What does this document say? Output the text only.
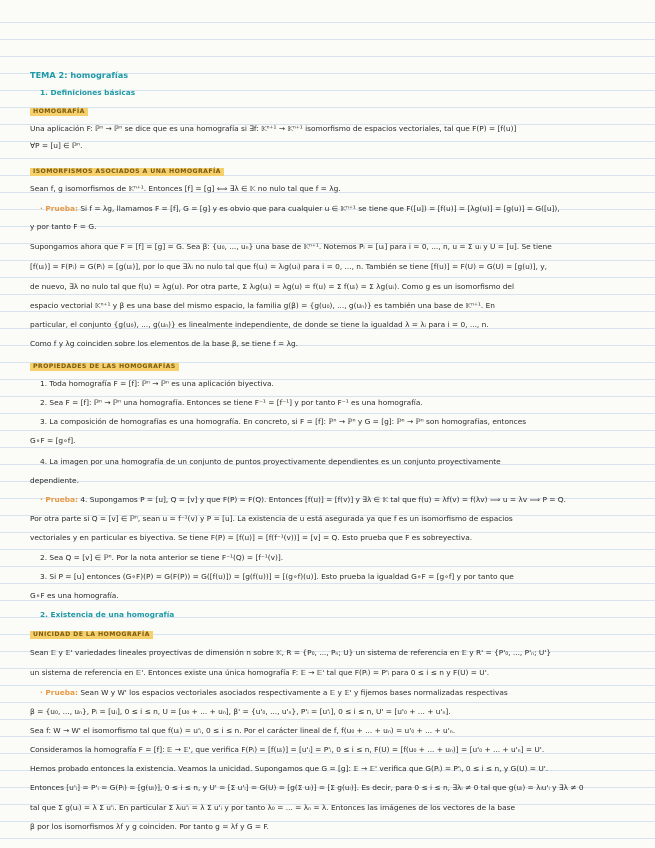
TEMA 2: homografías
1. Definiciones básicas
HOMOGRAFÍA
Una aplicación F: ℙⁿ → ℙⁿ se dice que es una homografía si ∃f: 𝕂ⁿ⁺¹ → 𝕂ⁿ⁺¹ isomorfismo de espacios vectoriales, tal que F(P) = [f(u)]
∀P = [u] ∈ ℙⁿ.
ISOMORFISMOS ASOCIADOS A UNA HOMOGRAFÍA
Sean f, g isomorfismos de 𝕂ⁿ⁺¹. Entonces [f] = [g] ⟺ ∃λ ∈ 𝕂 no nulo tal que f = λg.
· Prueba: Si f = λg, llamamos F = [f], G = [g] y es obvio que para cualquier u ∈ 𝕂ⁿ⁺¹ se tiene que F([u]) = [f(u)] = [λg(u)] = [g(u)] = G([u]),
y por tanto F = G.
Supongamos ahora que F = [f] = [g] = G. Sea β: {u₀, ..., uₙ} una base de 𝕂ⁿ⁺¹. Notemos Pᵢ = [uᵢ] para i = 0, ..., n, u = Σ uᵢ y U = [u]. Se tiene
[f(uᵢ)] = F(Pᵢ) = G(Pᵢ) = [g(uᵢ)], por lo que ∃λᵢ no nulo tal que f(uᵢ) = λᵢg(uᵢ) para i = 0, ..., n. También se tiene [f(u)] = F(U) = G(U) = [g(u)], y,
de nuevo, ∃λ no nulo tal que f(u) = λg(u). Por otra parte, Σ λᵢg(uᵢ) = λg(u) = f(u) = Σ f(uᵢ) = Σ λg(uᵢ). Como g es un isomorfismo del
espacio vectorial 𝕂ⁿ⁺¹ y β es una base del mismo espacio, la familia g(β) = {g(u₀), ..., g(uₙ)} es también una base de 𝕂ⁿ⁺¹. En
particular, el conjunto {g(u₀), ..., g(uₙ)} es linealmente independiente, de donde se tiene la igualdad λ = λᵢ para i = 0, ..., n.
Como f y λg coinciden sobre los elementos de la base β, se tiene f = λg.
PROPIEDADES DE LAS HOMOGRAFÍAS
1. Toda homografía F = [f]: ℙⁿ → ℙⁿ es una aplicación biyectiva.
2. Sea F = [f]: ℙⁿ → ℙⁿ una homografía. Entonces se tiene F⁻¹ = [f⁻¹] y por tanto F⁻¹ es una homografía.
3. La composición de homografías es una homografía. En concreto, si F = [f]: ℙⁿ → ℙⁿ y G = [g]: ℙⁿ → ℙⁿ son homografías, entonces
G∘F = [g∘f].
4. La imagen por una homografía de un conjunto de puntos proyectivamente dependientes es un conjunto proyectivamente
dependiente.
· Prueba: 4. Supongamos P = [u], Q = [v] y que F(P) = F(Q). Entonces [f(u)] = [f(v)] y ∃λ ∈ 𝕂 tal que f(u) = λf(v) = f(λv) ⟹ u = λv ⟹ P = Q.
Por otra parte si Q = [v] ∈ ℙⁿ, sean u = f⁻¹(v) y P = [u]. La existencia de u está asegurada ya que f es un isomorfismo de espacios
vectoriales y en particular es biyectiva. Se tiene F(P) = [f(u)] = [f(f⁻¹(v))] = [v] = Q. Esto prueba que F es sobreyectiva.
2. Sea Q = [v] ∈ ℙⁿ. Por la nota anterior se tiene F⁻¹(Q) = [f⁻¹(v)].
3. Si P = [u] entonces (G∘F)(P) = G(F(P)) = G([f(u)]) = [g(f(u))] = [(g∘f)(u)]. Esto prueba la igualdad G∘F = [g∘f] y por tanto que
G∘F es una homografía.
2. Existencia de una homografía
UNICIDAD DE LA HOMOGRAFÍA
Sean 𝔼 y 𝔼' variedades lineales proyectivas de dimensión n sobre 𝕂, R = {P₀, ..., Pₙ; U} un sistema de referencia en 𝔼 y R' = {P'₀, ..., P'ₙ; U'}
un sistema de referencia en 𝔼'. Entonces existe una única homografía F: 𝔼 → 𝔼' tal que F(Pᵢ) = P'ᵢ para 0 ≤ i ≤ n y F(U) = U'.
· Prueba: Sean W y W' los espacios vectoriales asociados respectivamente a 𝔼 y 𝔼' y fijemos bases normalizadas respectivas
β = {u₀, ..., uₙ}, Pᵢ = [uᵢ], 0 ≤ i ≤ n, U = [u₀ + ... + uₙ], β' = {u'₀, ..., u'ₙ}, P'ᵢ = [u'ᵢ], 0 ≤ i ≤ n, U' = [u'₀ + ... + u'ₙ].
Sea f: W → W' el isomorfismo tal que f(uᵢ) = u'ᵢ, 0 ≤ i ≤ n. Por el carácter lineal de f, f(u₀ + ... + uₙ) = u'₀ + ... + u'ₙ.
Consideramos la homografía F = [f]: 𝔼 → 𝔼', que verifica F(Pᵢ) = [f(uᵢ)] = [u'ᵢ] = P'ᵢ, 0 ≤ i ≤ n, F(U) = [f(u₀ + ... + uₙ)] = [u'₀ + ... + u'ₙ] = U'.
Hemos probado entonces la existencia. Veamos la unicidad. Supongamos que G = [g]: 𝔼 → 𝔼' verifica que G(Pᵢ) = P'ᵢ, 0 ≤ i ≤ n, y G(U) = U'.
Entonces [u'ᵢ] = P'ᵢ = G(Pᵢ) = [g(uᵢ)], 0 ≤ i ≤ n, y U' = [Σ u'ᵢ] = G(U) = [g(Σ uᵢ)] = [Σ g(uᵢ)]. Es decir, para 0 ≤ i ≤ n, ∃λᵢ ≠ 0 tal que g(uᵢ) = λᵢu'ᵢ y ∃λ ≠ 0
tal que Σ g(uᵢ) = λ Σ u'ᵢ. En particular Σ λᵢu'ᵢ = λ Σ u'ᵢ y por tanto λ₀ = ... = λₙ = λ. Entonces las imágenes de los vectores de la base
β por los isomorfismos λf y g coinciden. Por tanto g = λf y G = F.
